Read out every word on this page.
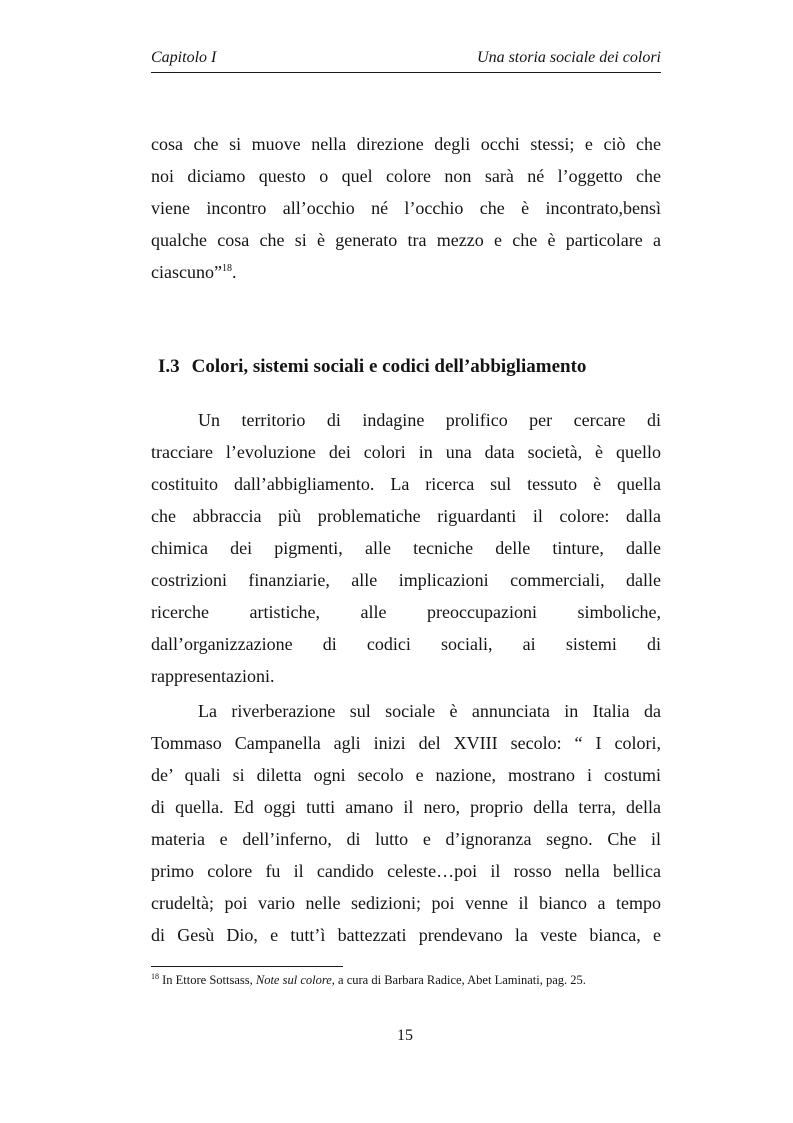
Capitolo I	Una storia sociale dei colori
cosa che si muove nella direzione degli occhi stessi; e ciò che
noi diciamo questo o quel colore non sarà né l’oggetto che
viene incontro all’occhio né l’occhio che è incontrato,bensì
qualche cosa che si è generato tra mezzo e che è particolare a
ciascuno”$^{18}$.
I.3 Colori, sistemi sociali e codici dell’abbigliamento
Un territorio di indagine prolifico per cercare di
tracciare l’evoluzione dei colori in una data società, è quello
costituito dall’abbigliamento. La ricerca sul tessuto è quella
che abbraccia più problematiche riguardanti il colore: dalla
chimica dei pigmenti, alle tecniche delle tinture, dalle
costrizioni finanziarie, alle implicazioni commerciali, dalle
ricerche artistiche, alle preoccupazioni simboliche,
dall’organizzazione di codici sociali, ai sistemi di
rappresentazioni.
La riverberazione sul sociale è annunciata in Italia da
Tommaso Campanella agli inizi del XVIII secolo: “ I colori,
de’ quali si diletta ogni secolo e nazione, mostrano i costumi
di quella. Ed oggi tutti amano il nero, proprio della terra, della
materia e dell’inferno, di lutto e d’ignoranza segno. Che il
primo colore fu il candido celeste…poi il rosso nella bellica
crudeltà; poi vario nelle sedizioni; poi venne il bianco a tempo
di Gesù Dio, e tutt’ì battezzati prendevano la veste bianca, e
$^{18}$ In Ettore Sottsass, Note sul colore, a cura di Barbara Radice, Abet Laminati, pag. 25.
15
